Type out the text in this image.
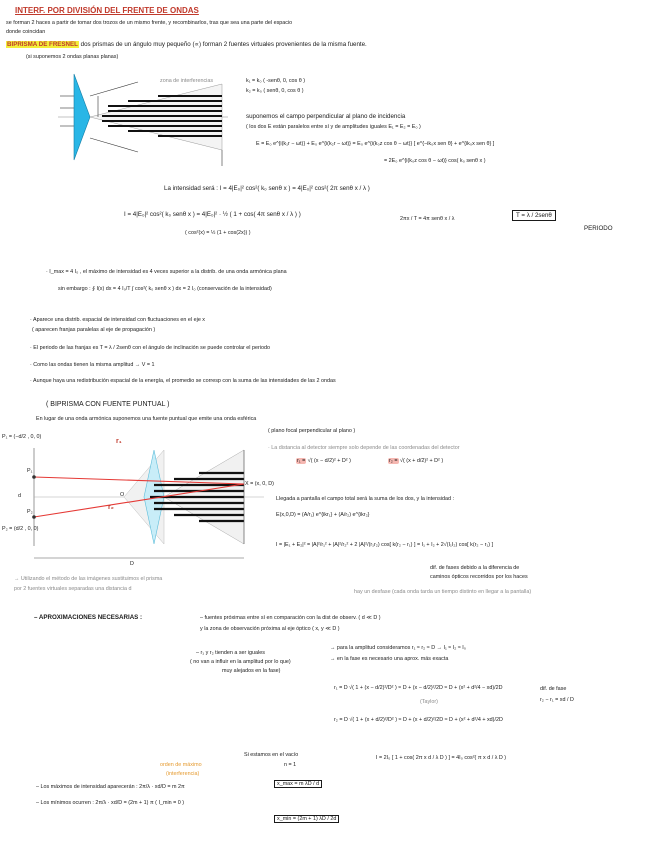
INTERF. POR DIVISIÓN DEL FRENTE DE ONDAS
se forman 2 haces a partir de tomar dos trozos de un mismo frente, y recombinarlos, tras que sea una parte del espacio
donde coincidan
BIPRISMA DE FRESNEL dos prismas de un ángulo muy pequeño (∝) forman 2 fuentes virtuales provenientes de la misma fuente.
(si suponemos 2 ondas planas planas)
zona de interferencias	k₁ = k₀ ( -senθ, 0, cos θ )
k₂ = k₀ ( senθ, 0, cos θ )
suponemos el campo perpendicular al plano de incidencia
( los dos E están paralelos entre sí y de amplitudes iguales E₁ = E₂ = E₀ )
E = E₀ e^{i(k₁r − ωt)} + E₀ e^{i(k₂r − ωt)} = E₀ e^{i(k₀z cos θ − ωt)} [ e^{−ik₀x sen θ} + e^{ik₀x sen θ} ]
= 2E₀ e^{i(k₀z cos θ − ωt)} cos( k₀ senθ x )
La intensidad será : I = 4|E₀|² cos²( k₀ senθ x ) = 4|E₀|² cos²( 2π senθ x / λ )
I = 4|E₀|² cos²( k₀ senθ x ) = 4|E₀|² · ½ ( 1 + cos( 4π senθ x / λ ) )
( cos²(x) = ½ (1 + cos(2x)) )
2πx / T = 4π senθ x / λ	T = λ / 2senθ
PERIODO
· I_max = 4 I₀ , el máximo de intensidad es 4 veces superior a la distrib. de una onda armónica plana
sin embargo : ∮ I(x) dx = 4 I₀/T ∫ cos²( k₀ senθ x ) dx = 2 I₀ (conservación de la intensidad)
· Aparece una distrib. espacial de intensidad con fluctuaciones en el eje x
( aparecen franjas paralelas al eje de propagación )
· El periodo de las franjas es T = λ / 2senθ con el ángulo de inclinación se puede controlar el periodo
· Como las ondas tienen la misma amplitud → V = 1
· Aunque haya una redistribución espacial de la energía, el promedio se corresp con la suma de las intensidades de las 2 ondas
( BIPRISMA CON FUENTE PUNTUAL )
En lugar de una onda armónica suponemos una fuente puntual que emite una onda esférica
( plano focal perpendicular al plano )
· La distancia al detector siempre solo depende de las coordenadas del detector
P₁ = (−d/2 , 0, 0)
P₂ = (d/2 , 0, 0)
r₁
r₂
X = (x, 0, D)
d	O
D
P₁
P₂
r₁ = √( (x − d/2)² + D² )	r₂ = √( (x + d/2)² + D² )
Llegada a pantalla el campo total será la suma de los dos, y la intensidad :
E(x,0,D) = (A/r₁) e^{ikr₁} + (A/r₂) e^{ikr₂}
I = |E₁ + E₂|² = |A|²/r₁² + |A|²/r₂² + 2 |A|²/(r₁r₂) cos[ k(r₂ − r₁) ] = I₁ + I₂ + 2√(I₁I₂) cos[ k(r₂ − r₁) ]
dif. de fases debido a la diferencia de
caminos ópticos recorridos por los haces
hay un desfase (cada onda tarda un tiempo distinto en llegar a la pantalla)
→ Utilizando el método de las imágenes sustituimos el prisma
por 2 fuentes virtuales separadas una distancia d
– APROXIMACIONES NECESARIAS :	– fuentes próximas entre sí en comparación con la dist de observ. ( d ≪ D )
y la zona de observación próxima al eje óptico ( x, y ≪ D )
– r₁ y r₂ tienden a ser iguales
( no van a influir en la amplitud por lo que)
muy alejados en la fase)
→ para la amplitud consideramos r₁ ≈ r₂ ≈ D → I₁ ≈ I₂ ≈ I₀
→ en la fase es necesario una aprox. más exacta
r₁ = D √( 1 + (x − d/2)²/D² ) ≈ D + (x − d/2)²/2D ≈ D + (x² + d²/4 − xd)/2D
(Taylor)
r₂ = D √( 1 + (x + d/2)²/D² ) ≈ D + (x + d/2)²/2D ≈ D + (x² + d²/4 + xd)/2D
dif. de fase
r₂ − r₁ = xd / D
Si estamos en el vacío
n = 1
I = 2I₀ [ 1 + cos( 2π x d / λ D ) ] = 4I₀ cos²( π x d / λ D )
orden de máximo
(interferencia)
– Los máximos de intensidad aparecerán : 2π/λ · xd/D = m 2π	x_max = m λD / d
– Los mínimos ocurren : 2π/λ · xd/D = (2m + 1) π ( I_min = 0 )
x_min = (2m + 1) λD / 2d
